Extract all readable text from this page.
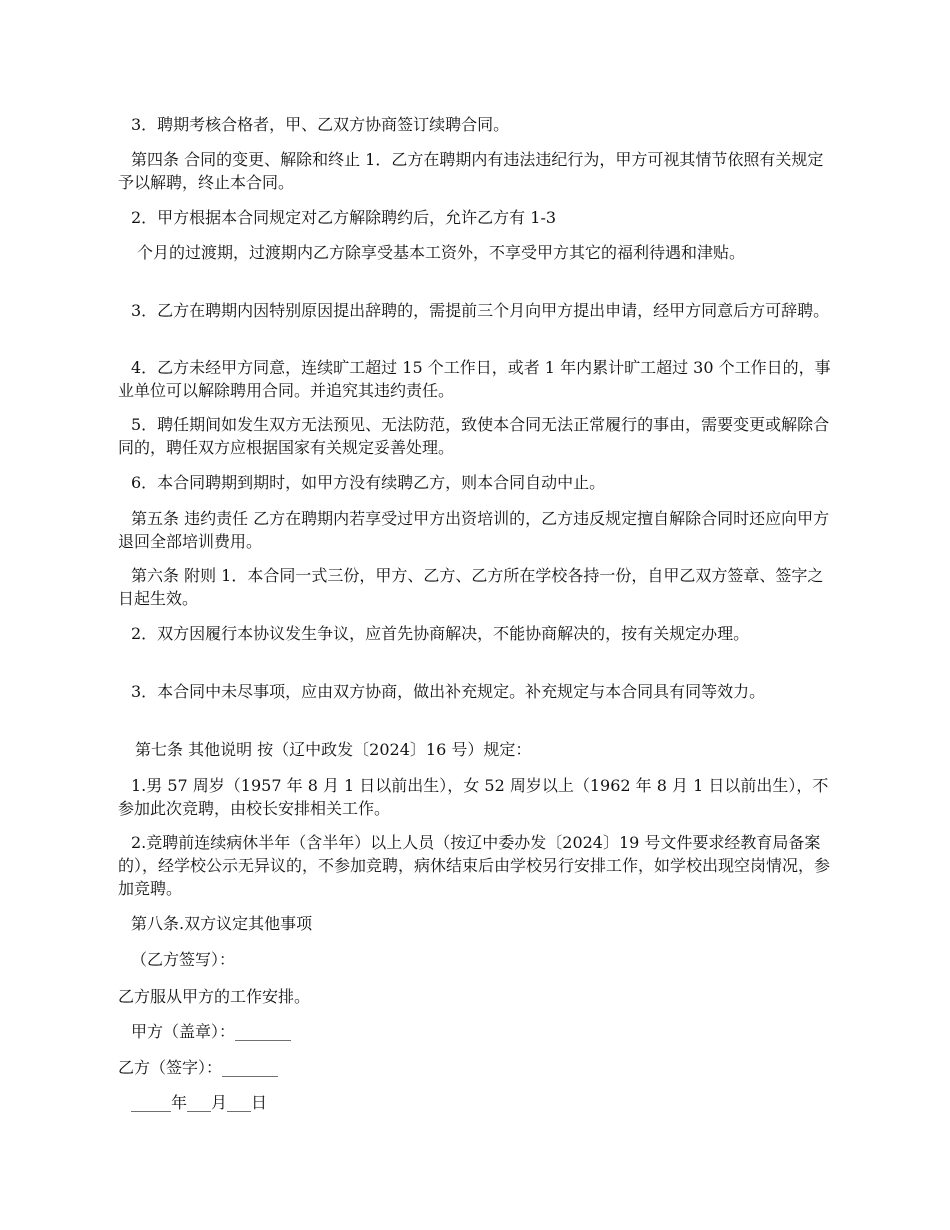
3．聘期考核合格者，甲、乙双方协商签订续聘合同。

第四条 合同的变更、解除和终止 1．乙方在聘期内有违法违纪行为，甲方可视其情节依照有关规定予以解聘，终止本合同。

2．甲方根据本合同规定对乙方解除聘约后，允许乙方有 1-3

个月的过渡期，过渡期内乙方除享受基本工资外，不享受甲方其它的福利待遇和津贴。

3．乙方在聘期内因特别原因提出辞聘的，需提前三个月向甲方提出申请，经甲方同意后方可辞聘。

4．乙方未经甲方同意，连续旷工超过 15 个工作日，或者 1 年内累计旷工超过 30 个工作日的，事业单位可以解除聘用合同。并追究其违约责任。

5．聘任期间如发生双方无法预见、无法防范，致使本合同无法正常履行的事由，需要变更或解除合同的，聘任双方应根据国家有关规定妥善处理。

6．本合同聘期到期时，如甲方没有续聘乙方，则本合同自动中止。

第五条 违约责任 乙方在聘期内若享受过甲方出资培训的，乙方违反规定擅自解除合同时还应向甲方退回全部培训费用。

第六条 附则 1．本合同一式三份，甲方、乙方、乙方所在学校各持一份，自甲乙双方签章、签字之日起生效。

2．双方因履行本协议发生争议，应首先协商解决，不能协商解决的，按有关规定办理。

3．本合同中未尽事项，应由双方协商，做出补充规定。补充规定与本合同具有同等效力。

第七条 其他说明 按（辽中政发〔2024〕16 号）规定：

1.男 57 周岁（1957 年 8 月 1 日以前出生），女 52 周岁以上（1962 年 8 月 1 日以前出生），不参加此次竞聘，由校长安排相关工作。

2.竞聘前连续病休半年（含半年）以上人员（按辽中委办发〔2024〕19 号文件要求经教育局备案的），经学校公示无异议的，不参加竞聘，病休结束后由学校另行安排工作，如学校出现空岗情况，参加竞聘。

第八条.双方议定其他事项

（乙方签写）：

乙方服从甲方的工作安排。

甲方（盖章）：_______

乙方（签字）：_______

_____年___月___日
